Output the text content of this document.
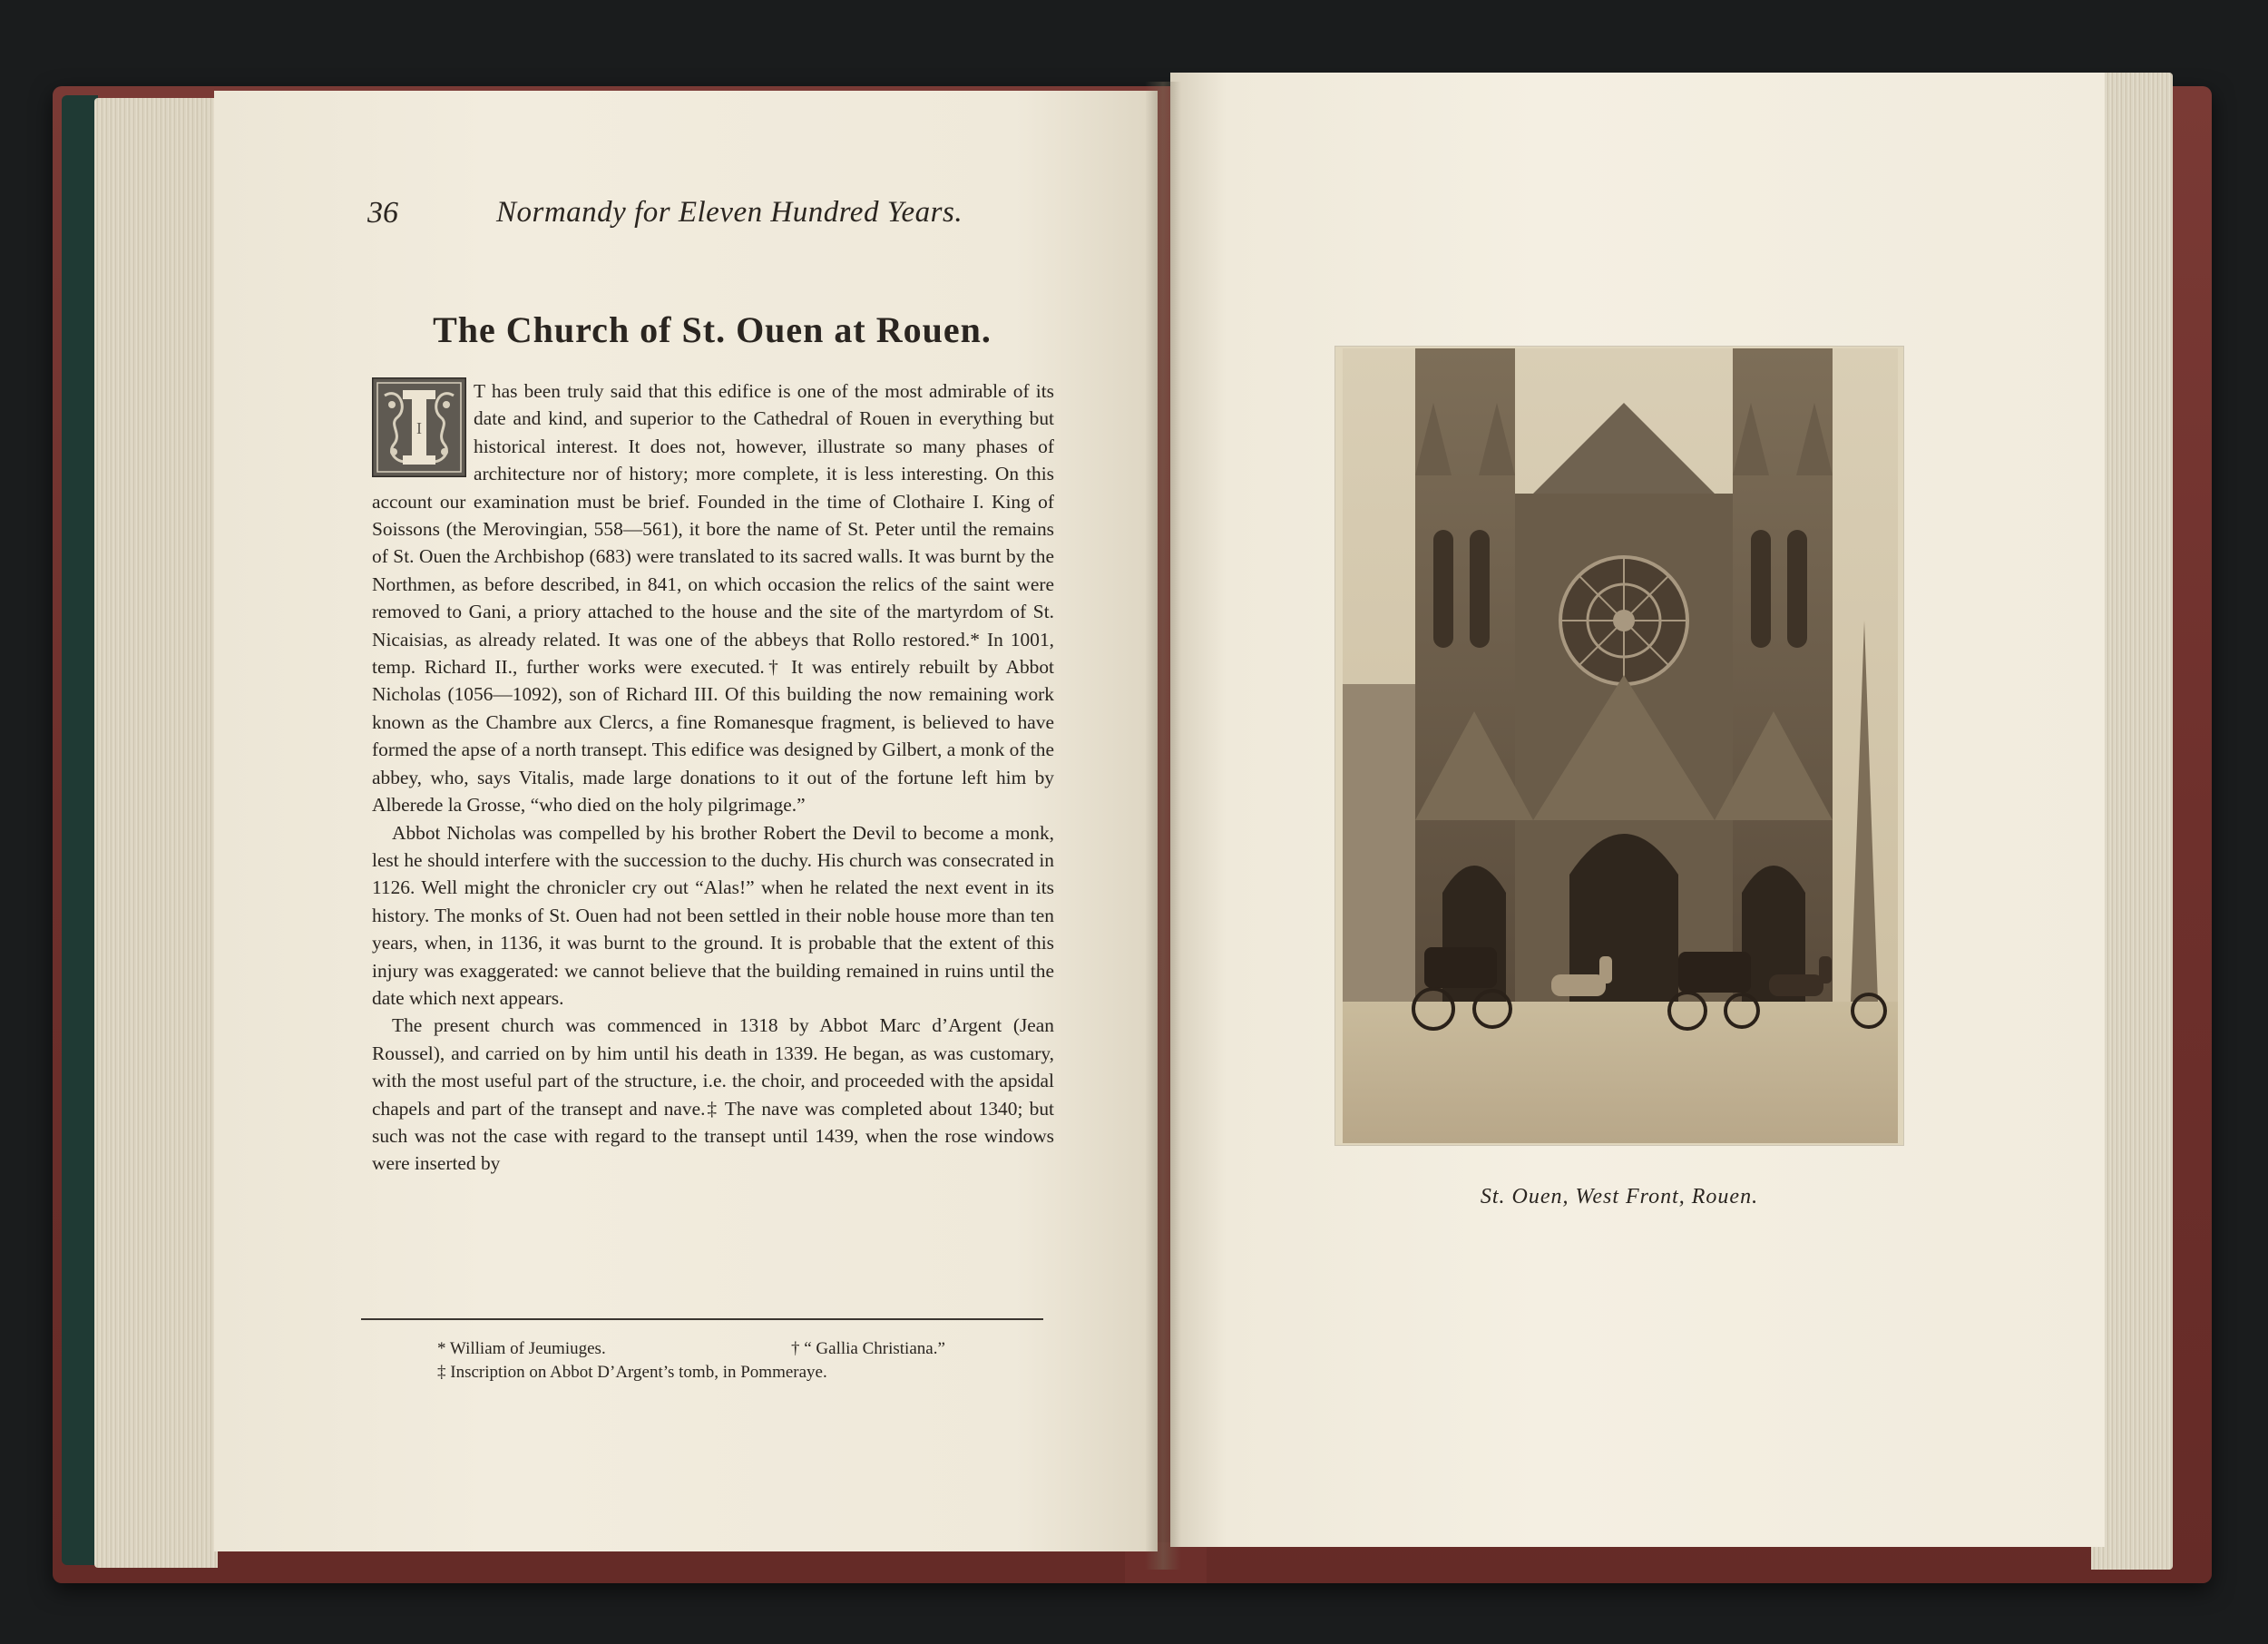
36	Normandy for Eleven Hundred Years.
The Church of St. Ouen at Rouen.
I

T has been truly said that this edifice is one of the most admirable of its date and kind, and superior to the Cathedral of Rouen in everything but historical interest. It does not, however, illustrate so many phases of architecture nor of history; more complete, it is less interesting. On this account our examination must be brief. Founded in the time of Clothaire I. King of Soissons (the Merovingian, 558—561), it bore the name of St. Peter until the remains of St. Ouen the Archbishop (683) were translated to its sacred walls. It was burnt by the Northmen, as before described, in 841, on which occasion the relics of the saint were removed to Gani, a priory attached to the house and the site of the martyrdom of St. Nicaisias, as already related. It was one of the abbeys that Rollo restored.* In 1001, temp. Richard II., further works were executed.† It was entirely rebuilt by Abbot Nicholas (1056—1092), son of Richard III. Of this building the now remaining work known as the Chambre aux Clercs, a fine Romanesque fragment, is believed to have formed the apse of a north transept. This edifice was designed by Gilbert, a monk of the abbey, who, says Vitalis, made large donations to it out of the fortune left him by Alberede la Grosse, “who died on the holy pilgrimage.”

Abbot Nicholas was compelled by his brother Robert the Devil to become a monk, lest he should interfere with the succession to the duchy. His church was consecrated in 1126. Well might the chronicler cry out “Alas!” when he related the next event in its history. The monks of St. Ouen had not been settled in their noble house more than ten years, when, in 1136, it was burnt to the ground. It is probable that the extent of this injury was exaggerated: we cannot believe that the building remained in ruins until the date which next appears.

The present church was commenced in 1318 by Abbot Marc d’Argent (Jean Roussel), and carried on by him until his death in 1339. He began, as was customary, with the most useful part of the structure, i.e. the choir, and proceeded with the apsidal chapels and part of the transept and nave.‡ The nave was completed about 1340; but such was not the case with regard to the transept until 1439, when the rose windows were inserted by

* William of Jeumiuges.	† “ Gallia Christiana.”
‡ Inscription on Abbot D’Argent’s tomb, in Pommeraye.
St. Ouen, West Front, Rouen.
